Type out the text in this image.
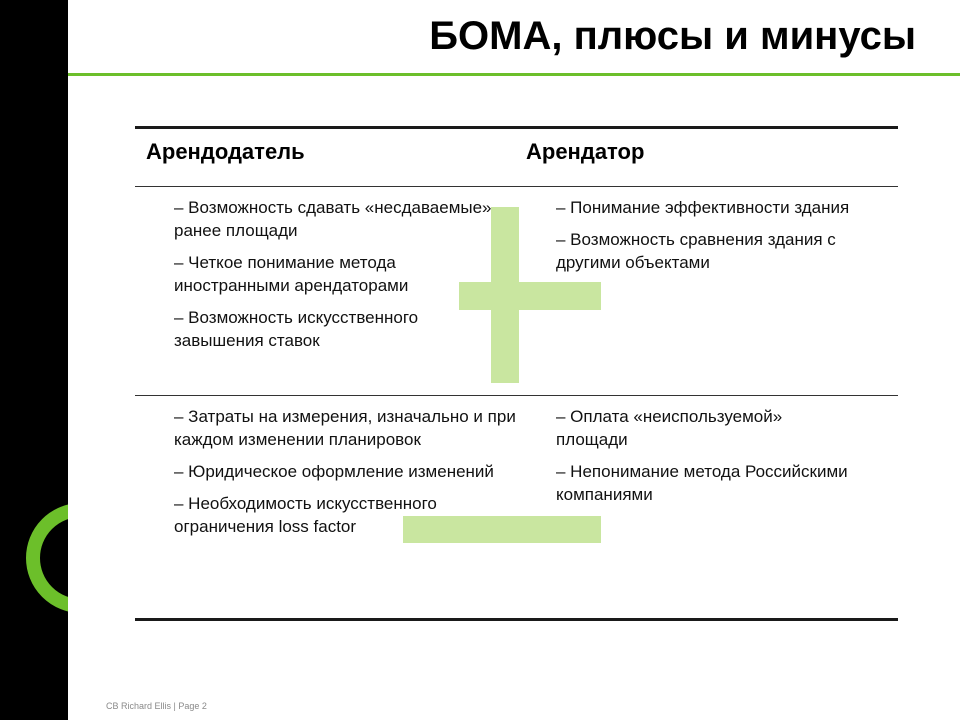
БОМА, плюсы и минусы
Арендодатель	Арендатор

– Возможность сдавать «несдаваемые» ранее площади

– Четкое понимание метода иностранными арендаторами

– Возможность искусственного завышения ставок

– Понимание эффективности здания

– Возможность сравнения здания с другими объектами

– Затраты на измерения, изначально и при каждом изменении планировок

– Юридическое оформление изменений

– Необходимость искусственного ограничения loss factor

– Оплата «неиспользуемой» площади

– Непонимание метода Российскими компаниями

CB Richard Ellis | Page 2
